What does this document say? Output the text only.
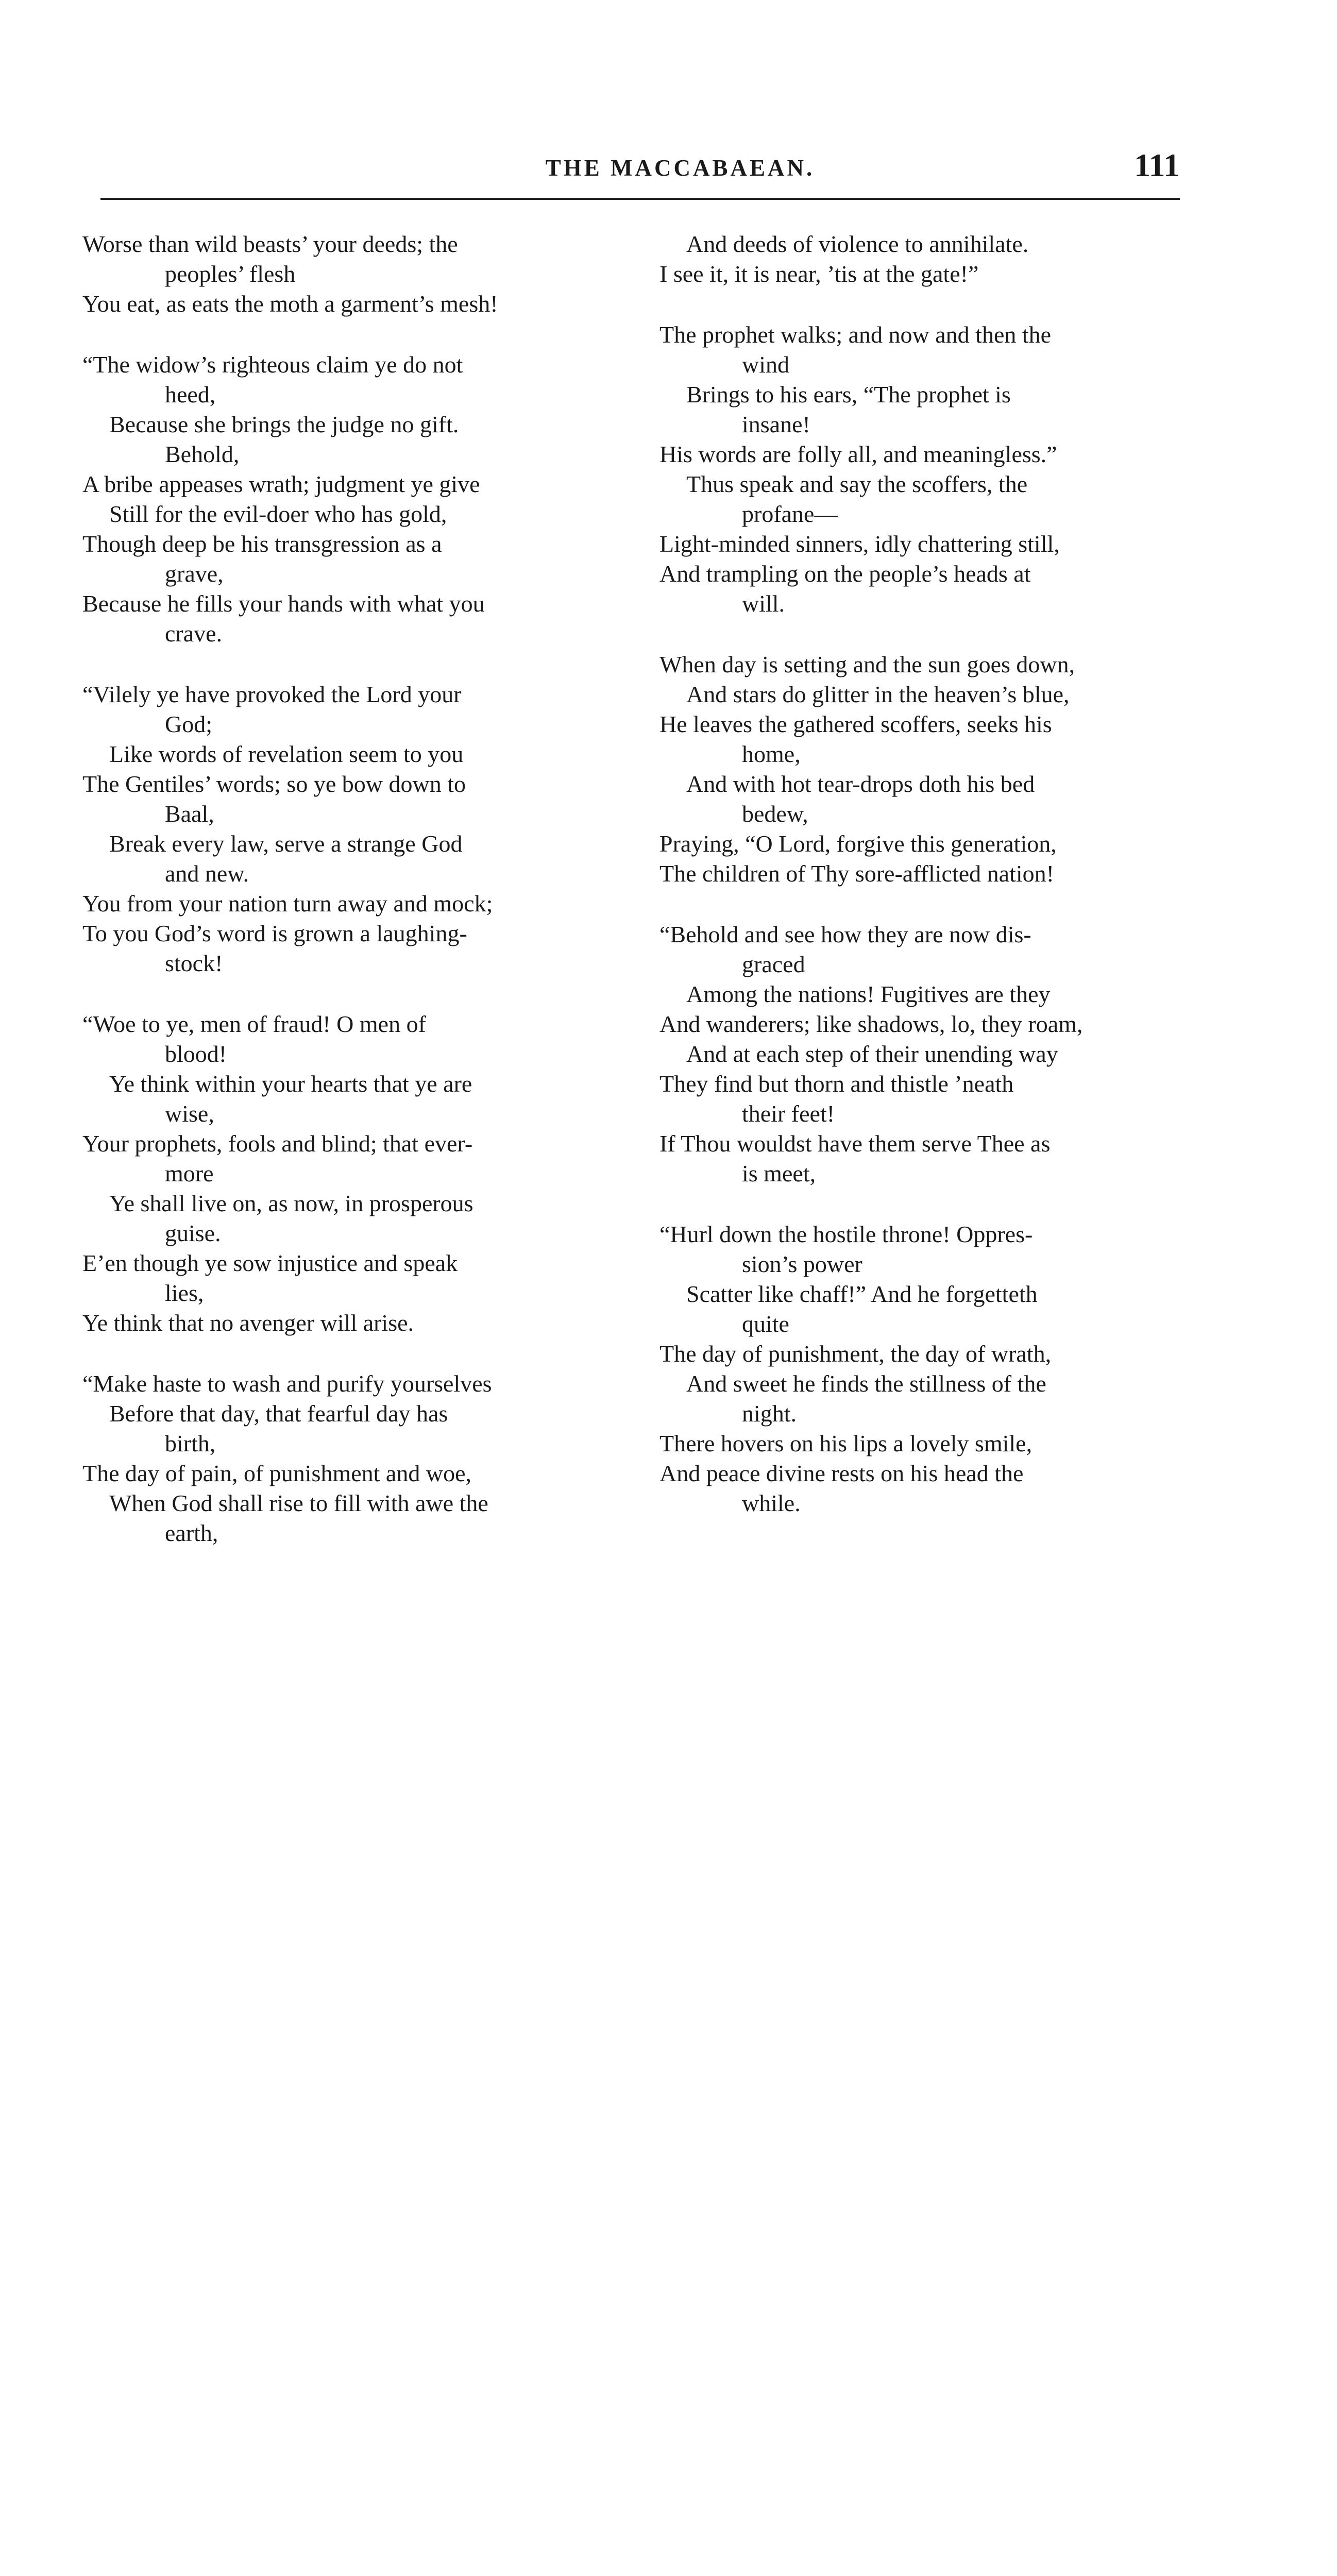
THE MACCABAEAN.	111
Worse than wild beasts’ your deeds; the
peoples’ flesh
You eat, as eats the moth a garment’s mesh!
“The widow’s righteous claim ye do not
heed,
Because she brings the judge no gift.
Behold,
A bribe appeases wrath; judgment ye give
Still for the evil-doer who has gold,
Though deep be his transgression as a
grave,
Because he fills your hands with what you
crave.
“Vilely ye have provoked the Lord your
God;
Like words of revelation seem to you
The Gentiles’ words; so ye bow down to
Baal,
Break every law, serve a strange God
and new.
You from your nation turn away and mock;
To you God’s word is grown a laughing-
stock!
“Woe to ye, men of fraud! O men of
blood!
Ye think within your hearts that ye are
wise,
Your prophets, fools and blind; that ever-
more
Ye shall live on, as now, in prosperous
guise.
E’en though ye sow injustice and speak
lies,
Ye think that no avenger will arise.
“Make haste to wash and purify yourselves
Before that day, that fearful day has
birth,
The day of pain, of punishment and woe,
When God shall rise to fill with awe the
earth,
And deeds of violence to annihilate.
I see it, it is near, ’tis at the gate!”
The prophet walks; and now and then the
wind
Brings to his ears, “The prophet is
insane!
His words are folly all, and meaningless.”
Thus speak and say the scoffers, the
profane—
Light-minded sinners, idly chattering still,
And trampling on the people’s heads at
will.
When day is setting and the sun goes down,
And stars do glitter in the heaven’s blue,
He leaves the gathered scoffers, seeks his
home,
And with hot tear-drops doth his bed
bedew,
Praying, “O Lord, forgive this generation,
The children of Thy sore-afflicted nation!
“Behold and see how they are now dis-
graced
Among the nations! Fugitives are they
And wanderers; like shadows, lo, they roam,
And at each step of their unending way
They find but thorn and thistle ’neath
their feet!
If Thou wouldst have them serve Thee as
is meet,
“Hurl down the hostile throne! Oppres-
sion’s power
Scatter like chaff!” And he forgetteth
quite
The day of punishment, the day of wrath,
And sweet he finds the stillness of the
night.
There hovers on his lips a lovely smile,
And peace divine rests on his head the
while.
